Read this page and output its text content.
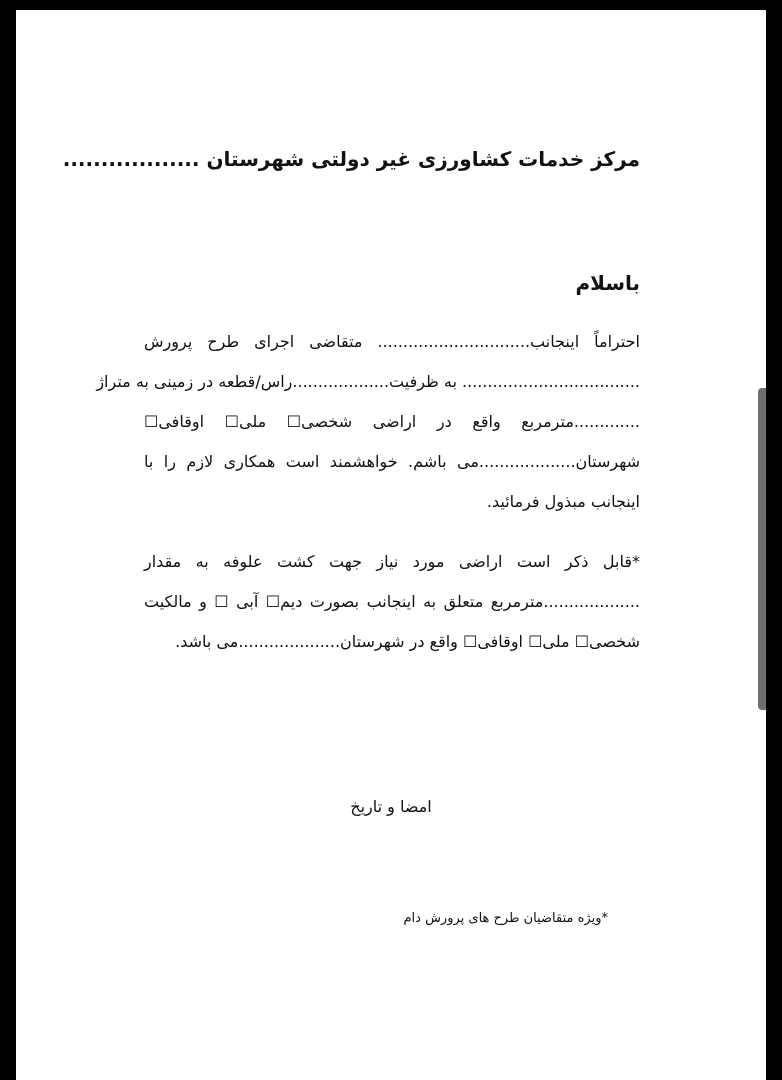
مرکز خدمات کشاورزی غیر دولتی شهرستان ..................
باسلام
احتراماً اینجانب.............................. متقاضی اجرای طرح پرورش
................................... به ظرفیت...................راس/قطعه در زمینی به متراژ
.............مترمربع واقع در اراضی شخصی☐ ملی☐ اوقافی☐
شهرستان...................می باشم. خواهشمند است همکاری لازم را با
اینجانب مبذول فرمائید.
*قابل ذکر است اراضی مورد نیاز جهت کشت علوفه به مقدار
...................مترمربع متعلق به اینجانب بصورت دیم☐ آبی ☐ و مالکیت
شخصی☐ ملی☐ اوقافی☐ واقع در شهرستان....................می باشد.
امضا و تاریخ
*ویژه متقاضیان طرح های پرورش دام
